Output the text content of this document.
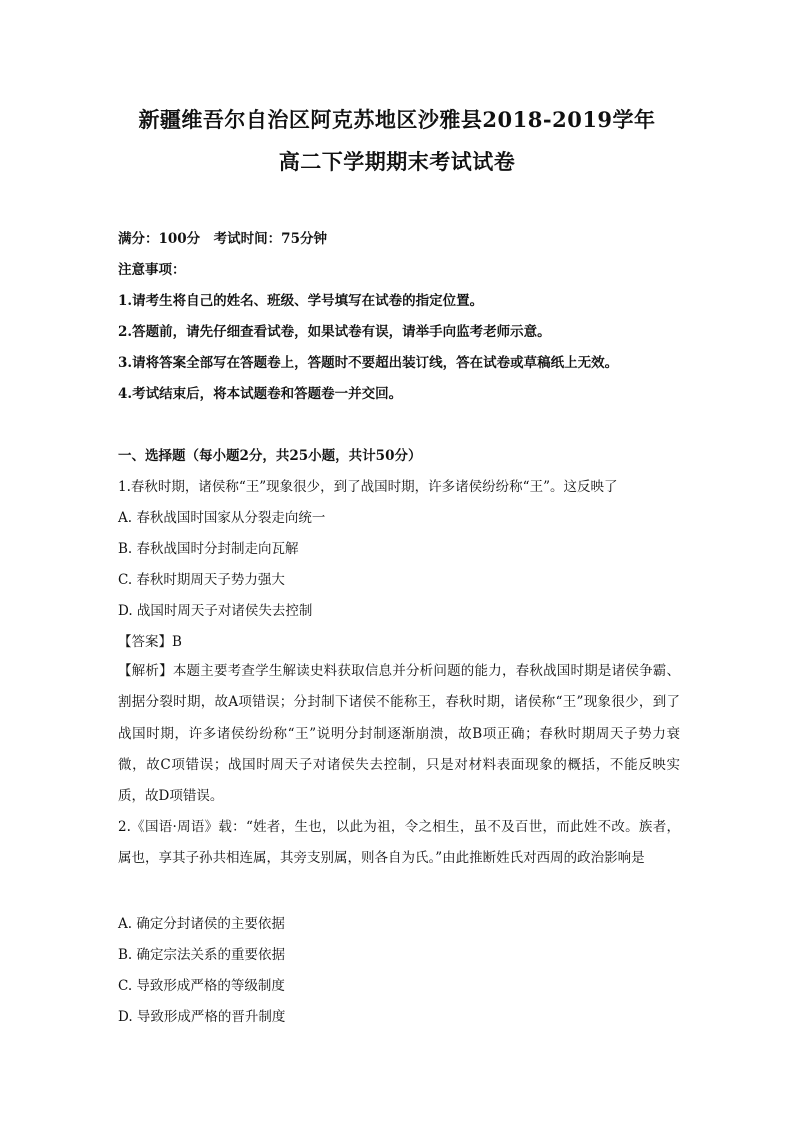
新疆维吾尔自治区阿克苏地区沙雅县2018-2019学年
高二下学期期末考试试卷
满分：100分　考试时间：75分钟
注意事项：
1.请考生将自己的姓名、班级、学号填写在试卷的指定位置。
2.答题前，请先仔细查看试卷，如果试卷有误，请举手向监考老师示意。
3.请将答案全部写在答题卷上，答题时不要超出装订线，答在试卷或草稿纸上无效。
4.考试结束后，将本试题卷和答题卷一并交回。
一、选择题（每小题2分，共25小题，共计50分）
1.春秋时期，诸侯称“王”现象很少，到了战国时期，许多诸侯纷纷称“王”。这反映了
A. 春秋战国时国家从分裂走向统一
B. 春秋战国时分封制走向瓦解
C. 春秋时期周天子势力强大
D. 战国时周天子对诸侯失去控制
【答案】B
【解析】本题主要考查学生解读史料获取信息并分析问题的能力，春秋战国时期是诸侯争霸、割据分裂时期，故A项错误；分封制下诸侯不能称王，春秋时期，诸侯称“王”现象很少，到了战国时期，许多诸侯纷纷称“王”说明分封制逐渐崩溃，故B项正确；春秋时期周天子势力衰微，故C项错误；战国时周天子对诸侯失去控制，只是对材料表面现象的概括，不能反映实质，故D项错误。
2.《国语·周语》载：“姓者，生也，以此为祖，令之相生，虽不及百世，而此姓不改。族者，属也，享其子孙共相连属，其旁支别属，则各自为氏。”由此推断姓氏对西周的政治影响是
A. 确定分封诸侯的主要依据
B. 确定宗法关系的重要依据
C. 导致形成严格的等级制度
D. 导致形成严格的晋升制度
